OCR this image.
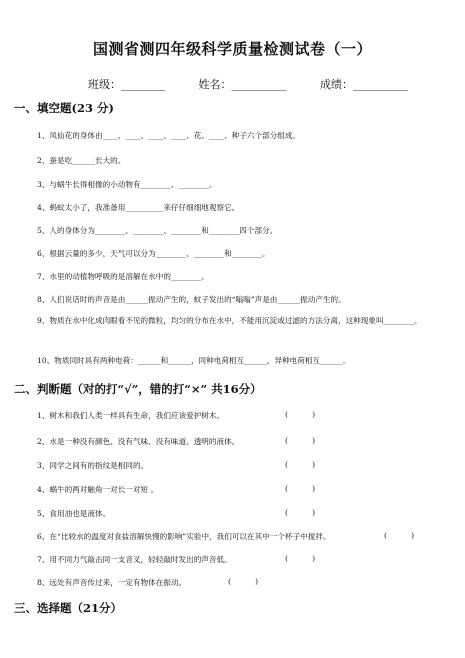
国测省测四年级科学质量检测试卷（一）
班级：________	姓名：__________	成绩：__________
一、填空题(23 分)
1、凤仙花的身体由____、____、____、____、花、____、种子六个部分组成。
2、蚕是吃______长大的。
3、与蜗牛长得相像的小动物有________、________。
4、蚂蚁太小了，我准备用__________来仔仔细细地观察它。
5、人的身体分为________、________、________和________四个部分。
6、根据云量的多少，天气可以分为________、________和________。
7、水里的动植物呼吸的是溶解在水中的________。
8、人们说话时的声音是由______振动产生的，蚊子发出的“嗡嗡”声是由______振动产生的。
9、物质在水中化成肉眼看不见的微粒，均匀的分布在水中，不能用沉淀或过滤的方法分离，这种现象叫________。
10、物质同时具有两种电荷：______和______，同种电荷相互______，异种电荷相互______。
二、判断题（对的打“√”，错的打“×” 共16分）
1、树木和我们人类一样具有生命，我们应该爱护树木。	(          )
2、水是一种没有颜色、没有气味、没有味道、透明的液体。	(          )
3、同学之间有的指纹是相同的。	(          )
4、蜗牛的两对触角一对长一对短 。	(          )
5、食用油也是液体。	(          )
6、在“比较水的温度对食盐溶解快慢的影响”实验中，我们可以在其中一个杯子中搅拌。	(          )
7、用不同力气敲击同一支音叉，轻轻敲时发出的声音低。	(          )
8、远处有声音传过来，一定有物体在振动。	(          )
三、选择题（21分）
